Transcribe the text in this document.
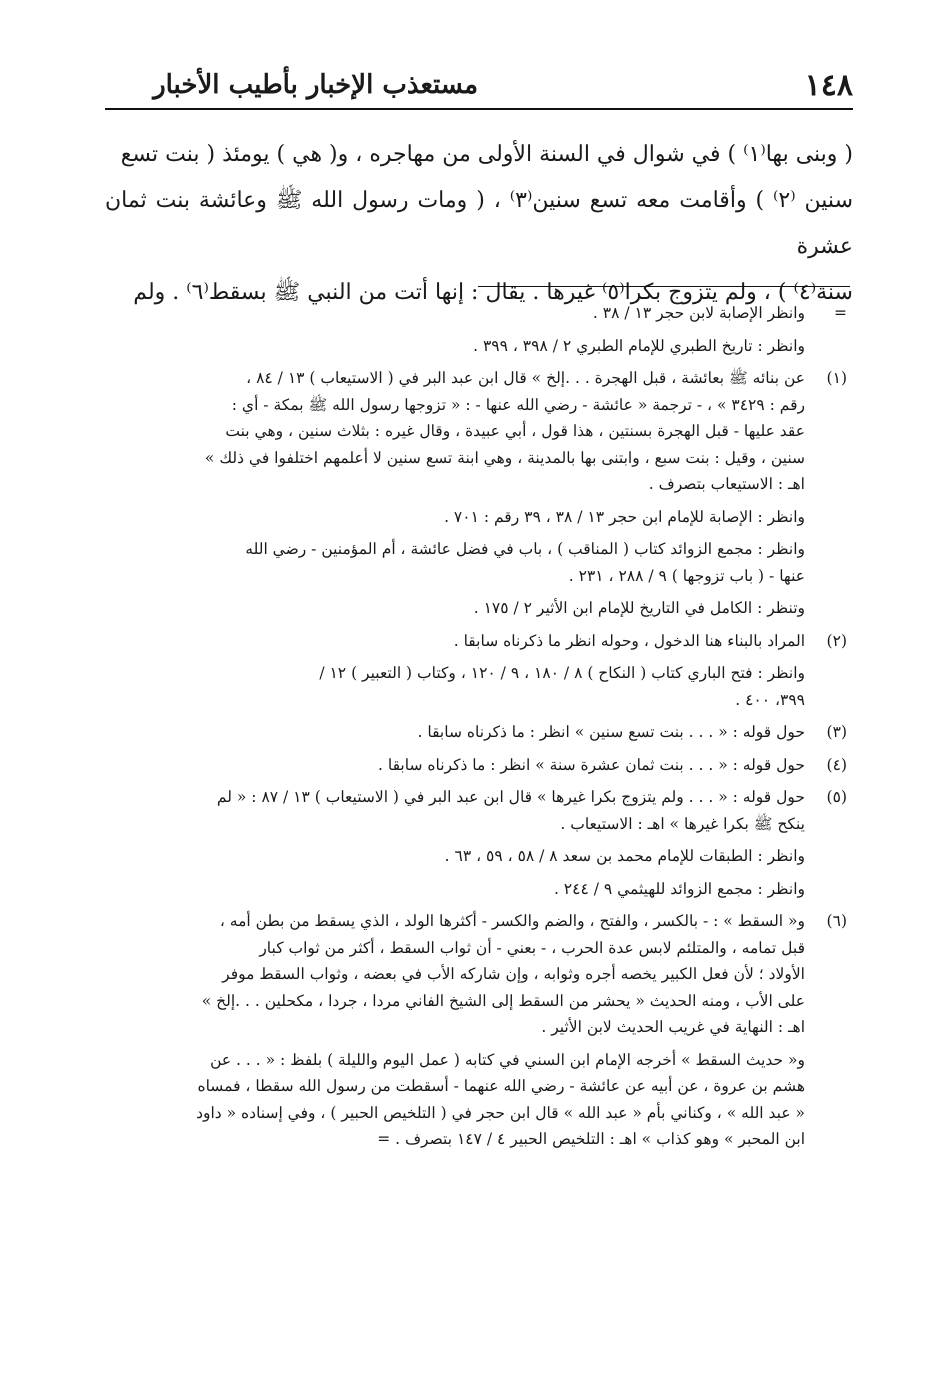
١٤٨
مستعذب الإخبار بأطيب الأخبار
( وبنى بها⁽١⁾ ) في شوال في السنة الأولى من مهاجره ، و( هي ) يومئذ ( بنت تسع
سنين ⁽٢⁾ ) وأقامت معه تسع سنين⁽٣⁾ ، ( ومات رسول الله ﷺ وعائشة بنت ثمان عشرة
سنة⁽٤⁾ ) ، ولم يتزوج بكرا⁽٥⁾ غيرها . يقال : إنها أتت من النبي ﷺ بسقط⁽٦⁾ . ولم
=
وانظر الإصابة لابن حجر ١٣ / ٣٨ .
وانظر : تاريخ الطبري للإمام الطبري ٢ / ٣٩٨ ، ٣٩٩ .
(١)
عن بنائه ﷺ بعائشة ، قبل الهجرة . . .إلخ » قال ابن عبد البر في ( الاستيعاب ) ١٣ / ٨٤ ،
رقم : ٣٤٢٩ » ، - ترجمة « عائشة - رضي الله عنها - : « تزوجها رسول الله ﷺ بمكة - أي :
عقد عليها - قبل الهجرة بسنتين ، هذا قول ، أبي عبيدة ، وقال غيره : بثلاث سنين ، وهي بنت
سنين ، وقيل : بنت سبع ، وابتنى بها بالمدينة ، وهي ابنة تسع سنين لا أعلمهم اختلفوا في ذلك »
اهـ : الاستيعاب بتصرف .
وانظر : الإصابة للإمام ابن حجر ١٣ / ٣٨ ، ٣٩ رقم : ٧٠١ .
وانظر : مجمع الزوائد كتاب ( المناقب ) ، باب في فضل عائشة ، أم المؤمنين - رضي الله
عنها - ( باب تزوجها ) ٩ / ٢٨٨ ، ٢٣١ .
وتنظر : الكامل في التاريخ للإمام ابن الأثير ٢ / ١٧٥ .
(٢)
المراد بالبناء هنا الدخول ، وحوله انظر ما ذكرناه سابقا .
وانظر : فتح الباري كتاب ( النكاح ) ٨ / ١٨٠ ، ٩ / ١٢٠ ، وكتاب ( التعبير ) ١٢ /
٣٩٩، ٤٠٠ .
(٣)
حول قوله : « . . . بنت تسع سنين » انظر : ما ذكرناه سابقا .
(٤)
حول قوله : « . . . بنت ثمان عشرة سنة » انظر : ما ذكرناه سابقا .
(٥)
حول قوله : « . . . ولم يتزوج بكرا غيرها » قال ابن عبد البر في ( الاستيعاب ) ١٣ / ٨٧ : « لم
ينكح ﷺ بكرا غيرها » اهـ : الاستيعاب .
وانظر : الطبقات للإمام محمد بن سعد ٨ / ٥٨ ، ٥٩ ، ٦٣ .
وانظر : مجمع الزوائد للهيثمي ٩ / ٢٤٤ .
(٦)
و« السقط » : - بالكسر ، والفتح ، والضم والكسر - أكثرها الولد ، الذي يسقط من بطن أمه ،
قبل تمامه ، والمتلئم لابس عدة الحرب ، - بعني - أن ثواب السقط ، أكثر من ثواب كبار
الأولاد ؛ لأن فعل الكبير يخصه أجره وثوابه ، وإن شاركه الأب في بعضه ، وثواب السقط موفر
على الأب ، ومنه الحديث « يحشر من السقط إلى الشيخ الفاني مردا ، جردا ، مكحلين . . .إلخ »
اهـ : النهاية في غريب الحديث لابن الأثير .
و« حديث السقط » أخرجه الإمام ابن السني في كتابه ( عمل اليوم والليلة ) بلفظ : « . . . عن
هشم بن عروة ، عن أبيه عن عائشة - رضي الله عنهما - أسقطت من رسول الله سقطا ، فمساه
« عبد الله » ، وكناني بأم « عبد الله » قال ابن حجر في ( التلخيص الحبير ) ، وفي إسناده « داود
ابن المحبر » وهو كذاب » اهـ : التلخيص الحبير ٤ / ١٤٧ بتصرف . =
